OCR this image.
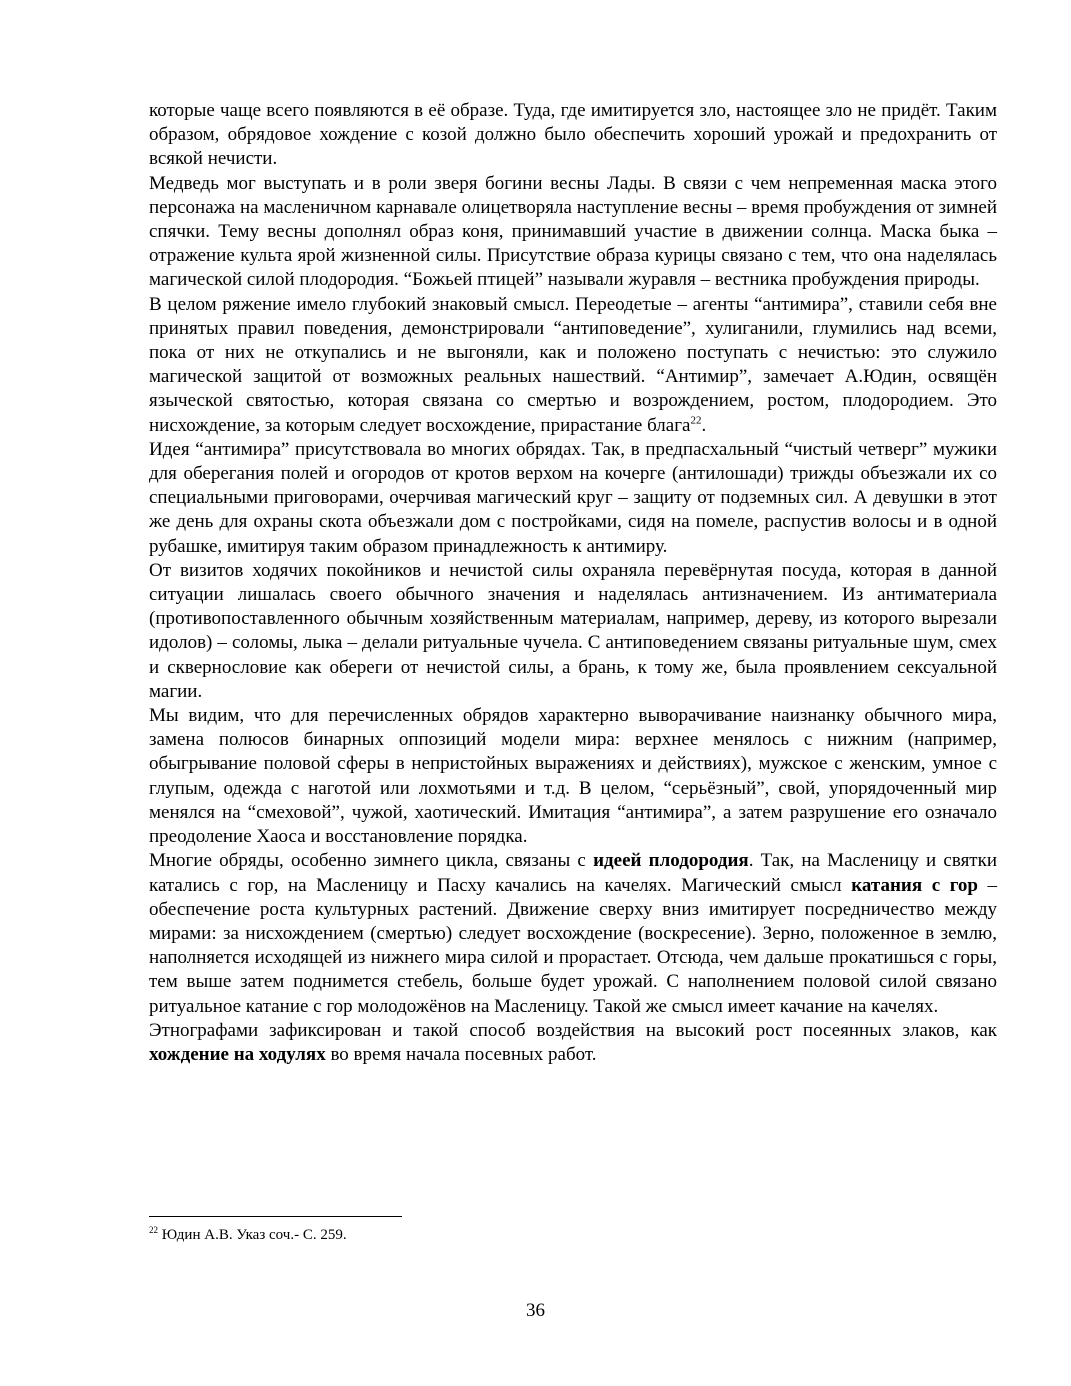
которые чаще всего появляются в её образе. Туда, где имитируется зло, настоящее зло не придёт. Таким образом, обрядовое хождение с козой должно было обеспечить хороший урожай и предохранить от всякой нечисти.

Медведь мог выступать и в роли зверя богини весны Лады. В связи с чем непременная маска этого персонажа на масленичном карнавале олицетворяла наступление весны – время пробуждения от зимней спячки. Тему весны дополнял образ коня, принимавший участие в движении солнца. Маска быка – отражение культа ярой жизненной силы. Присутствие образа курицы связано с тем, что она наделялась магической силой плодородия. “Божьей птицей” называли журавля – вестника пробуждения природы.

В целом ряжение имело глубокий знаковый смысл. Переодетые – агенты “антимира”, ставили себя вне принятых правил поведения, демонстрировали “антиповедение”, хулиганили, глумились над всеми, пока от них не откупались и не выгоняли, как и положено поступать с нечистью: это служило магической защитой от возможных реальных нашествий. “Антимир”, замечает А.Юдин, освящён языческой святостью, которая связана со смертью и возрождением, ростом, плодородием. Это нисхождение, за которым следует восхождение, прирастание блага$^{22}$.

Идея “антимира” присутствовала во многих обрядах. Так, в предпасхальный “чистый четверг” мужики для оберегания полей и огородов от кротов верхом на кочерге (антилошади) трижды объезжали их со специальными приговорами, очерчивая магический круг – защиту от подземных сил. А девушки в этот же день для охраны скота объезжали дом с постройками, сидя на помеле, распустив волосы и в одной рубашке, имитируя таким образом принадлежность к антимиру.

От визитов ходячих покойников и нечистой силы охраняла перевёрнутая посуда, которая в данной ситуации лишалась своего обычного значения и наделялась антизначением. Из антиматериала (противопоставленного обычным хозяйственным материалам, например, дереву, из которого вырезали идолов) – соломы, лыка – делали ритуальные чучела. С антиповедением связаны ритуальные шум, смех и сквернословие как обереги от нечистой силы, а брань, к тому же, была проявлением сексуальной магии.

Мы видим, что для перечисленных обрядов характерно выворачивание наизнанку обычного мира, замена полюсов бинарных оппозиций модели мира: верхнее менялось с нижним (например, обыгрывание половой сферы в непристойных выражениях и действиях), мужское с женским, умное с глупым, одежда с наготой или лохмотьями и т.д. В целом, “серьёзный”, свой, упорядоченный мир менялся на “смеховой”, чужой, хаотический. Имитация “антимира”, а затем разрушение его означало преодоление Хаоса и восстановление порядка.

Многие обряды, особенно зимнего цикла, связаны с идеей плодородия. Так, на Масленицу и святки катались с гор, на Масленицу и Пасху качались на качелях. Магический смысл катания с гор – обеспечение роста культурных растений. Движение сверху вниз имитирует посредничество между мирами: за нисхождением (смертью) следует восхождение (воскресение). Зерно, положенное в землю, наполняется исходящей из нижнего мира силой и прорастает. Отсюда, чем дальше прокатишься с горы, тем выше затем поднимется стебель, больше будет урожай. С наполнением половой силой связано ритуальное катание с гор молодожёнов на Масленицу. Такой же смысл имеет качание на качелях.

Этнографами зафиксирован и такой способ воздействия на высокий рост посеянных злаков, как хождение на ходулях во время начала посевных работ.

$^{22}$ Юдин А.В. Указ соч.- С. 259.
36
